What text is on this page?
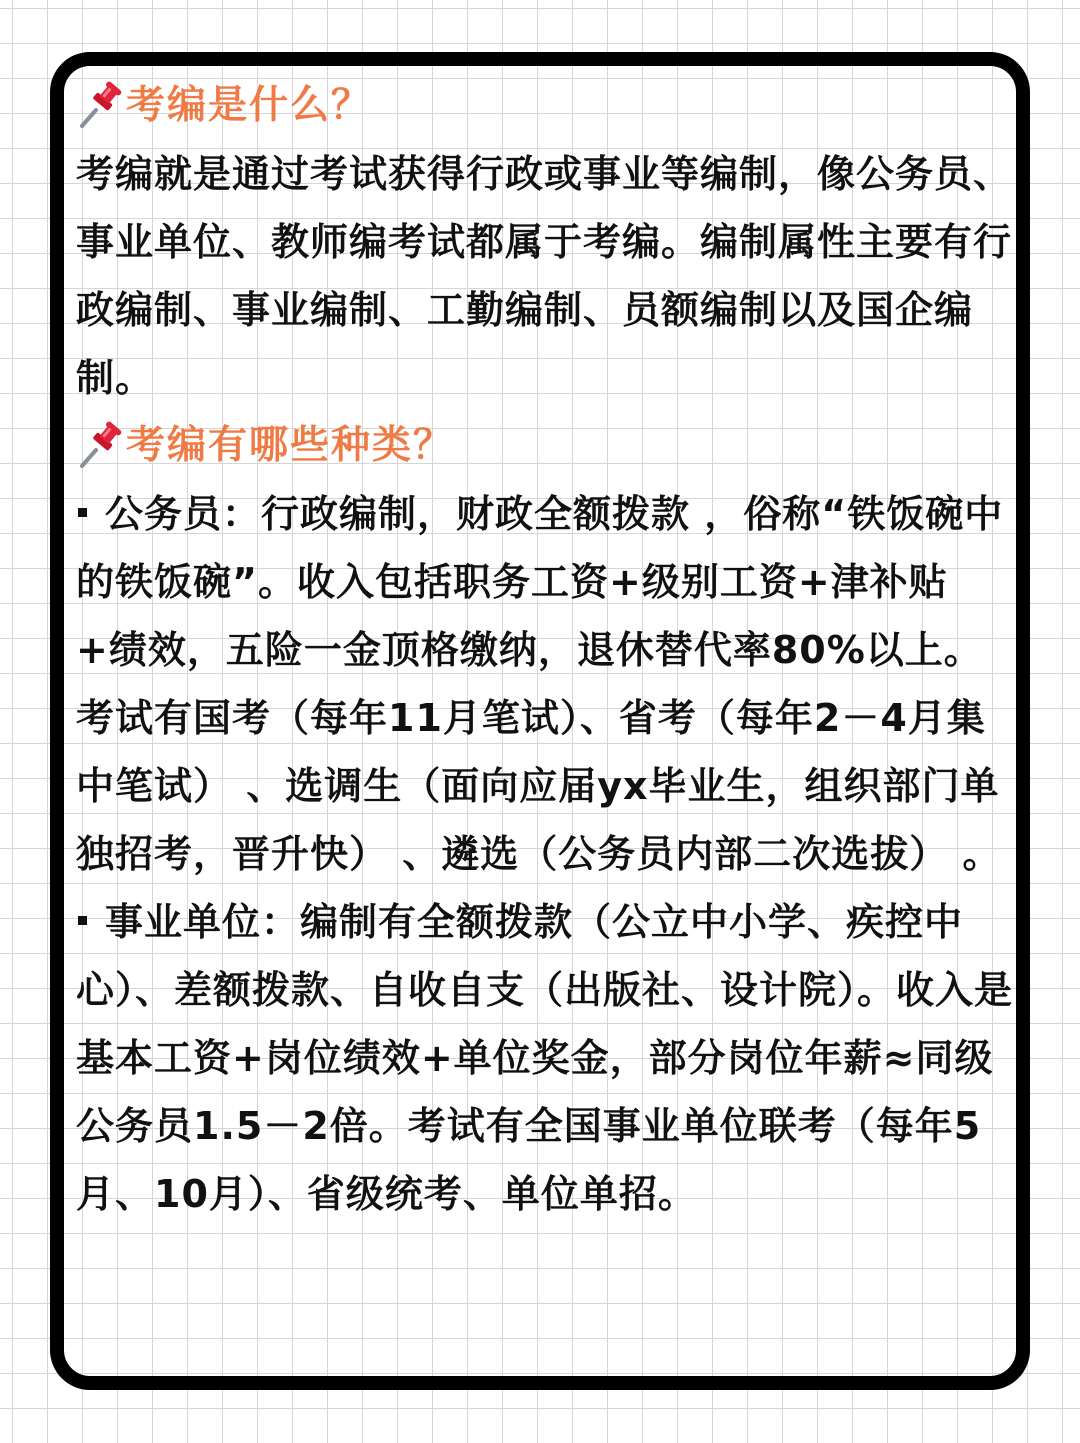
考编是什么？

考编就是通过考试获得行政或事业等编制，像公务员、事业单位、教师编考试都属于考编。编制属性主要有行政编制、事业编制、工勤编制、员额编制以及国企编制。

考编有哪些种类？

公务员：行政编制，财政全额拨款 ，俗称“铁饭碗中的铁饭碗”。收入包括职务工资+级别工资+津补贴+绩效，五险一金顶格缴纳，退休替代率80%以上。考试有国考（每年11月笔试）、省考（每年2－4月集中笔试） 、选调生（面向应届yx毕业生，组织部门单独招考，晋升快） 、遴选（公务员内部二次选拔） 。

事业单位：编制有全额拨款（公立中小学、疾控中心）、差额拨款、自收自支（出版社、设计院）。收入是基本工资+岗位绩效+单位奖金，部分岗位年薪≈同级公务员1.5－2倍。考试有全国事业单位联考（每年5月、10月）、省级统考、单位单招。
